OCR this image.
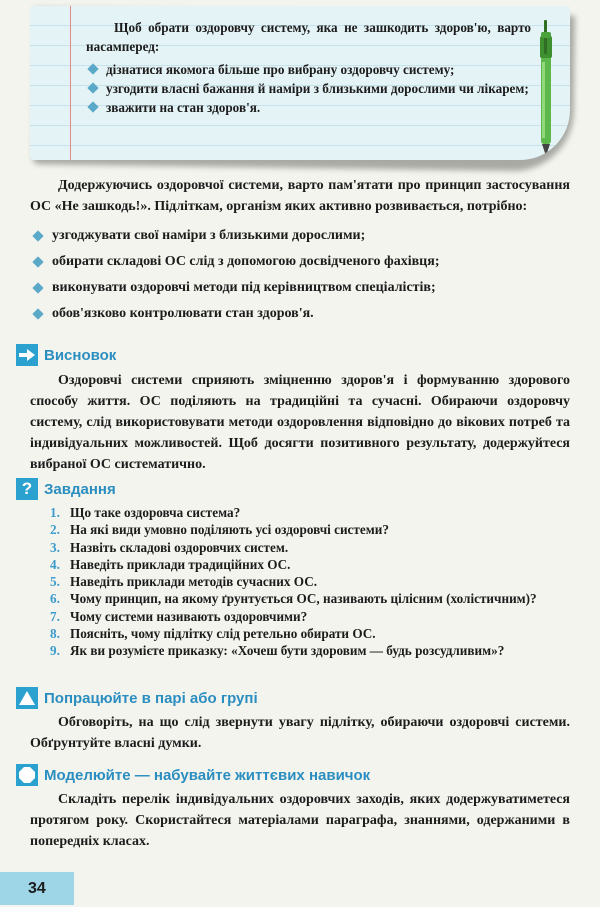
Щоб обрати оздоровчу систему, яка не зашкодить здоров'ю, варто насамперед:

дізнатися якомога більше про вибрану оздоровчу систему;
узгодити власні бажання й наміри з близькими дорослими чи лікарем;
зважити на стан здоров'я.

Додержуючись оздоровчої системи, варто пам'ятати про принцип застосування ОС «Не зашкодь!». Підліткам, організм яких активно розвивається, потрібно:

узгоджувати свої наміри з близькими дорослими;
обирати складові ОС слід з допомогою досвідченого фахівця;
виконувати оздоровчі методи під керівництвом спеціалістів;
обов'язково контролювати стан здоров'я.
Висновок

Оздоровчі системи сприяють зміцненню здоров'я і формуванню здорового способу життя. ОС поділяють на традиційні та сучасні. Обираючи оздоровчу систему, слід використовувати методи оздоровлення відповідно до вікових потреб та індивідуальних можливостей. Щоб досягти позитивного результату, додержуйтеся вибраної ОС систематично.

? Завдання
1. Що таке оздоровча система?
2. На які види умовно поділяють усі оздоровчі системи?
3. Назвіть складові оздоровчих систем.
4. Наведіть приклади традиційних ОС.
5. Наведіть приклади методів сучасних ОС.
6. Чому принцип, на якому ґрунтується ОС, називають цілісним (холістичним)?
7. Чому системи називають оздоровчими?
8. Поясніть, чому підлітку слід ретельно обирати ОС.
9. Як ви розумієте приказку: «Хочеш бути здоровим — будь розсудливим»?
Попрацюйте в парі або групі

Обговоріть, на що слід звернути увагу підлітку, обираючи оздоровчі системи. Обґрунтуйте власні думки.

Моделюйте — набувайте життєвих навичок

Складіть перелік індивідуальних оздоровчих заходів, яких додержуватиметеся протягом року. Скористайтеся матеріалами параграфа, знаннями, одержаними в попередніх класах.

34
